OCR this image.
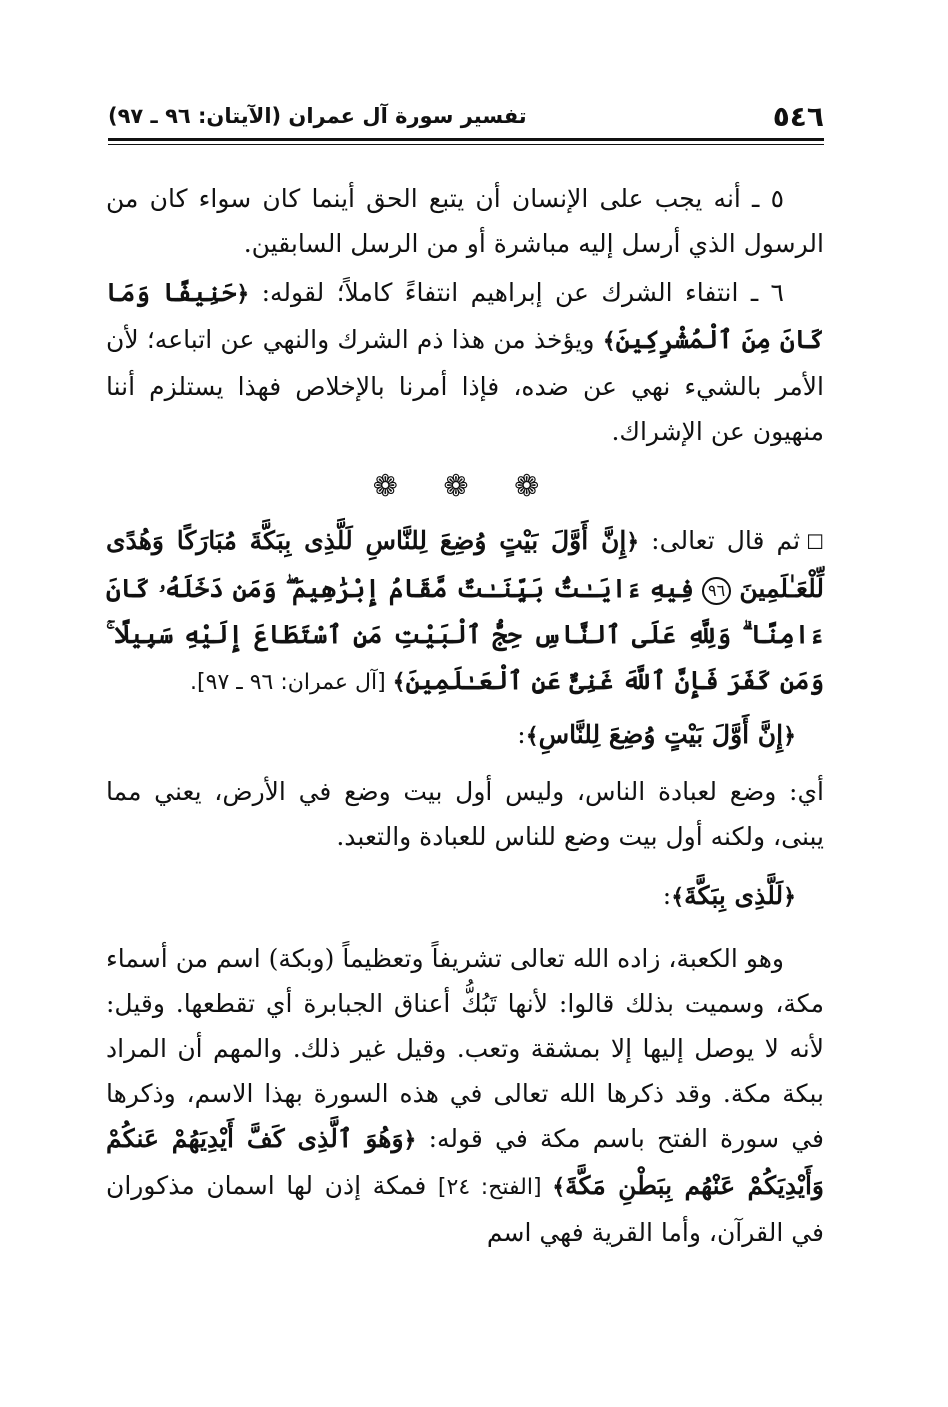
٥٤٦
تفسير سورة آل عمران (الآيتان: ٩٦ ـ ٩٧)

٥ ـ أنه يجب على الإنسان أن يتبع الحق أينما كان سواء كان من الرسول الذي أرسل إليه مباشرة أو من الرسل السابقين.

٦ ـ انتفاء الشرك عن إبراهيم انتفاءً كاملاً؛ لقوله: ﴿حَنِيفًا وَمَا كَانَ مِنَ ٱلْمُشْرِكِينَ﴾ ويؤخذ من هذا ذم الشرك والنهي عن اتباعه؛ لأن الأمر بالشيء نهي عن ضده، فإذا أمرنا بالإخلاص فهذا يستلزم أننا منهيون عن الإشراك.

❁ ❁ ❁

☐ثم قال تعالى: ﴿إِنَّ أَوَّلَ بَيْتٍ وُضِعَ لِلنَّاسِ لَلَّذِى بِبَكَّةَ مُبَارَكًا وَهُدًى لِّلْعَـٰلَمِينَ ٩٦ فِيهِ ءَايَـٰتٌۢ بَيِّنَـٰتٌ مَّقَامُ إِبْرَٰهِيمَ ۖ وَمَن دَخَلَهُۥ كَانَ ءَامِنًا ۗ وَلِلَّهِ عَلَى ٱلنَّاسِ حِجُّ ٱلْبَيْتِ مَنِ ٱسْتَطَاعَ إِلَيْهِ سَبِيلًا ۚ وَمَن كَفَرَ فَإِنَّ ٱللَّهَ غَنِىٌّ عَنِ ٱلْعَـٰلَمِينَ﴾ [آل عمران: ٩٦ ـ ٩٧].

﴿إِنَّ أَوَّلَ بَيْتٍ وُضِعَ لِلنَّاسِ﴾:

أي: وضع لعبادة الناس، وليس أول بيت وضع في الأرض، يعني مما يبنى، ولكنه أول بيت وضع للناس للعبادة والتعبد.

﴿لَلَّذِى بِبَكَّةَ﴾:

وهو الكعبة، زاده الله تعالى تشريفاً وتعظيماً (وبكة) اسم من أسماء مكة، وسميت بذلك قالوا: لأنها تَبُكُّ أعناق الجبابرة أي تقطعها. وقيل: لأنه لا يوصل إليها إلا بمشقة وتعب. وقيل غير ذلك. والمهم أن المراد ببكة مكة. وقد ذكرها الله تعالى في هذه السورة بهذا الاسم، وذكرها في سورة الفتح باسم مكة في قوله: ﴿وَهُوَ ٱلَّذِى كَفَّ أَيْدِيَهُمْ عَنكُمْ وَأَيْدِيَكُمْ عَنْهُم بِبَطْنِ مَكَّةَ﴾ [الفتح: ٢٤] فمكة إذن لها اسمان مذكوران في القرآن، وأما القرية فهي اسم
